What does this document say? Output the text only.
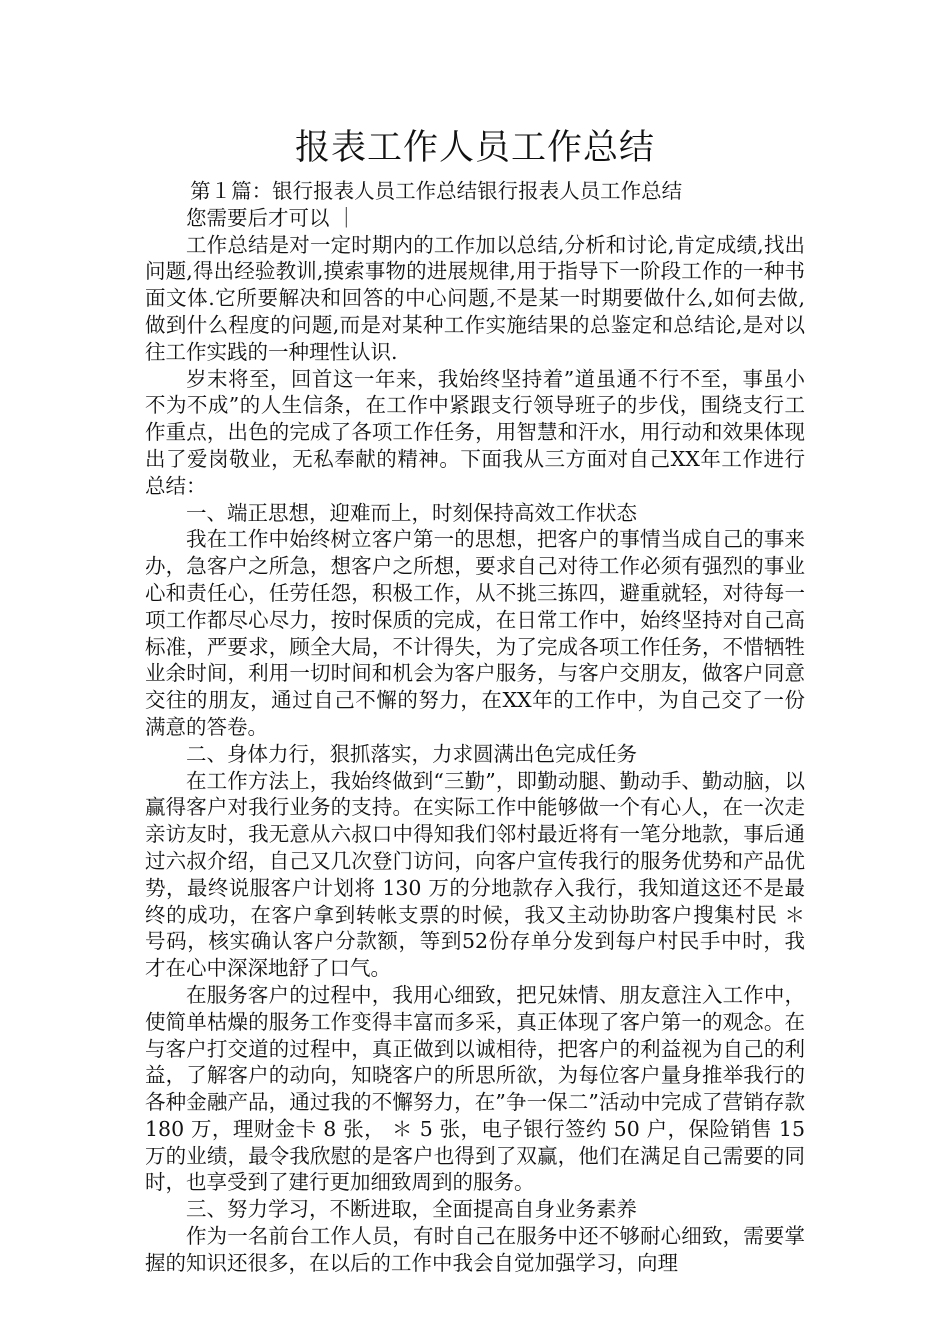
报表工作人员工作总结

第１篇：银行报表人员工作总结银行报表人员工作总结

您需要后才可以 ｜

工作总结是对一定时期内的工作加以总结,分析和讨论,肯定成绩,找出问题,得出经验教训,摸索事物的进展规律,用于指导下一阶段工作的一种书面文体.它所要解决和回答的中心问题,不是某一时期要做什么,如何去做,做到什么程度的问题,而是对某种工作实施结果的总鉴定和总结论,是对以往工作实践的一种理性认识.

岁末将至，回首这一年来，我始终坚持着”道虽通不行不至，事虽小不为不成”的人生信条，在工作中紧跟支行领导班子的步伐，围绕支行工作重点，出色的完成了各项工作任务，用智慧和汗水，用行动和效果体现出了爱岗敬业，无私奉献的精神。下面我从三方面对自己XX年工作进行总结：

一、端正思想，迎难而上，时刻保持高效工作状态

我在工作中始终树立客户第一的思想，把客户的事情当成自己的事来办，急客户之所急，想客户之所想，要求自己对待工作必须有强烈的事业心和责任心，任劳任怨，积极工作，从不挑三拣四，避重就轻，对待每一项工作都尽心尽力，按时保质的完成，在日常工作中，始终坚持对自己高标准，严要求，顾全大局，不计得失，为了完成各项工作任务，不惜牺牲业余时间，利用一切时间和机会为客户服务，与客户交朋友，做客户同意交往的朋友，通过自己不懈的努力，在XX年的工作中，为自己交了一份满意的答卷。

二、身体力行，狠抓落实，力求圆满出色完成任务

在工作方法上，我始终做到“三勤”，即勤动腿、勤动手、勤动脑，以赢得客户对我行业务的支持。在实际工作中能够做一个有心人，在一次走亲访友时，我无意从六叔口中得知我们邻村最近将有一笔分地款，事后通过六叔介绍，自己又几次登门访问，向客户宣传我行的服务优势和产品优势，最终说服客户计划将 130 万的分地款存入我行，我知道这还不是最终的成功，在客户拿到转帐支票的时候，我又主动协助客户搜集村民 ＊ 号码，核实确认客户分款额，等到52份存单分发到每户村民手中时，我才在心中深深地舒了口气。

在服务客户的过程中，我用心细致，把兄妹情、朋友意注入工作中，使简单枯燥的服务工作变得丰富而多采，真正体现了客户第一的观念。在与客户打交道的过程中，真正做到以诚相待，把客户的利益视为自己的利益，了解客户的动向，知晓客户的所思所欲，为每位客户量身推举我行的各种金融产品，通过我的不懈努力，在”争一保二”活动中完成了营销存款 180 万，理财金卡 8 张， ＊ 5 张，电子银行签约 50 户，保险销售 15 万的业绩，最令我欣慰的是客户也得到了双赢，他们在满足自己需要的同时，也享受到了建行更加细致周到的服务。

三、努力学习，不断进取，全面提高自身业务素养

作为一名前台工作人员，有时自己在服务中还不够耐心细致，需要掌握的知识还很多，在以后的工作中我会自觉加强学习，向理
